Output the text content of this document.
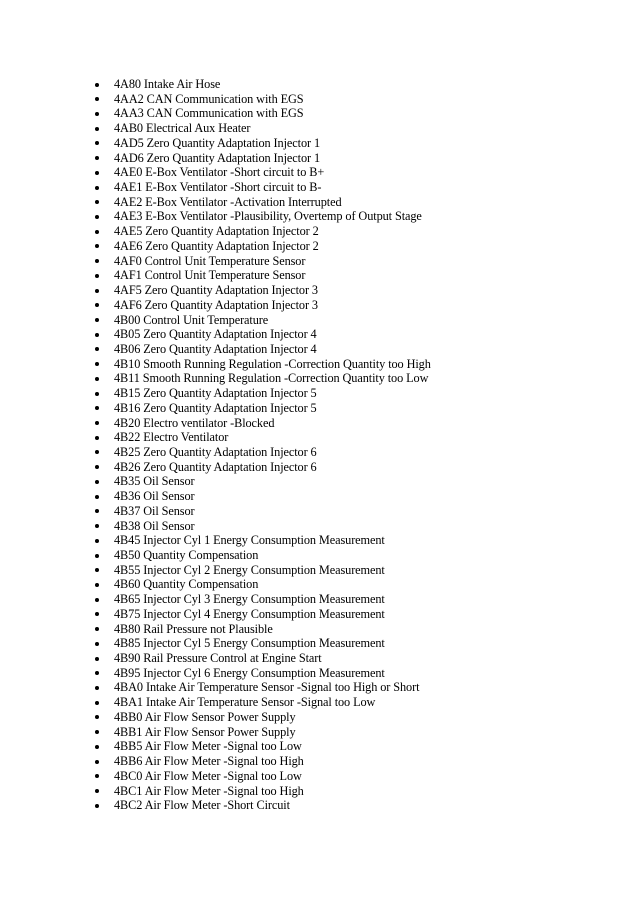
4A80 Intake Air Hose
4AA2 CAN Communication with EGS
4AA3 CAN Communication with EGS
4AB0 Electrical Aux Heater
4AD5 Zero Quantity Adaptation Injector 1
4AD6 Zero Quantity Adaptation Injector 1
4AE0 E-Box Ventilator -Short circuit to B+
4AE1 E-Box Ventilator -Short circuit to B-
4AE2 E-Box Ventilator -Activation Interrupted
4AE3 E-Box Ventilator -Plausibility, Overtemp of Output Stage
4AE5 Zero Quantity Adaptation Injector 2
4AE6 Zero Quantity Adaptation Injector 2
4AF0 Control Unit Temperature Sensor
4AF1 Control Unit Temperature Sensor
4AF5 Zero Quantity Adaptation Injector 3
4AF6 Zero Quantity Adaptation Injector 3
4B00 Control Unit Temperature
4B05 Zero Quantity Adaptation Injector 4
4B06 Zero Quantity Adaptation Injector 4
4B10 Smooth Running Regulation -Correction Quantity too High
4B11 Smooth Running Regulation -Correction Quantity too Low
4B15 Zero Quantity Adaptation Injector 5
4B16 Zero Quantity Adaptation Injector 5
4B20 Electro ventilator -Blocked
4B22 Electro Ventilator
4B25 Zero Quantity Adaptation Injector 6
4B26 Zero Quantity Adaptation Injector 6
4B35 Oil Sensor
4B36 Oil Sensor
4B37 Oil Sensor
4B38 Oil Sensor
4B45 Injector Cyl 1 Energy Consumption Measurement
4B50 Quantity Compensation
4B55 Injector Cyl 2 Energy Consumption Measurement
4B60 Quantity Compensation
4B65 Injector Cyl 3 Energy Consumption Measurement
4B75 Injector Cyl 4 Energy Consumption Measurement
4B80 Rail Pressure not Plausible
4B85 Injector Cyl 5 Energy Consumption Measurement
4B90 Rail Pressure Control at Engine Start
4B95 Injector Cyl 6 Energy Consumption Measurement
4BA0 Intake Air Temperature Sensor -Signal too High or Short
4BA1 Intake Air Temperature Sensor -Signal too Low
4BB0 Air Flow Sensor Power Supply
4BB1 Air Flow Sensor Power Supply
4BB5 Air Flow Meter -Signal too Low
4BB6 Air Flow Meter -Signal too High
4BC0 Air Flow Meter -Signal too Low
4BC1 Air Flow Meter -Signal too High
4BC2 Air Flow Meter -Short Circuit
